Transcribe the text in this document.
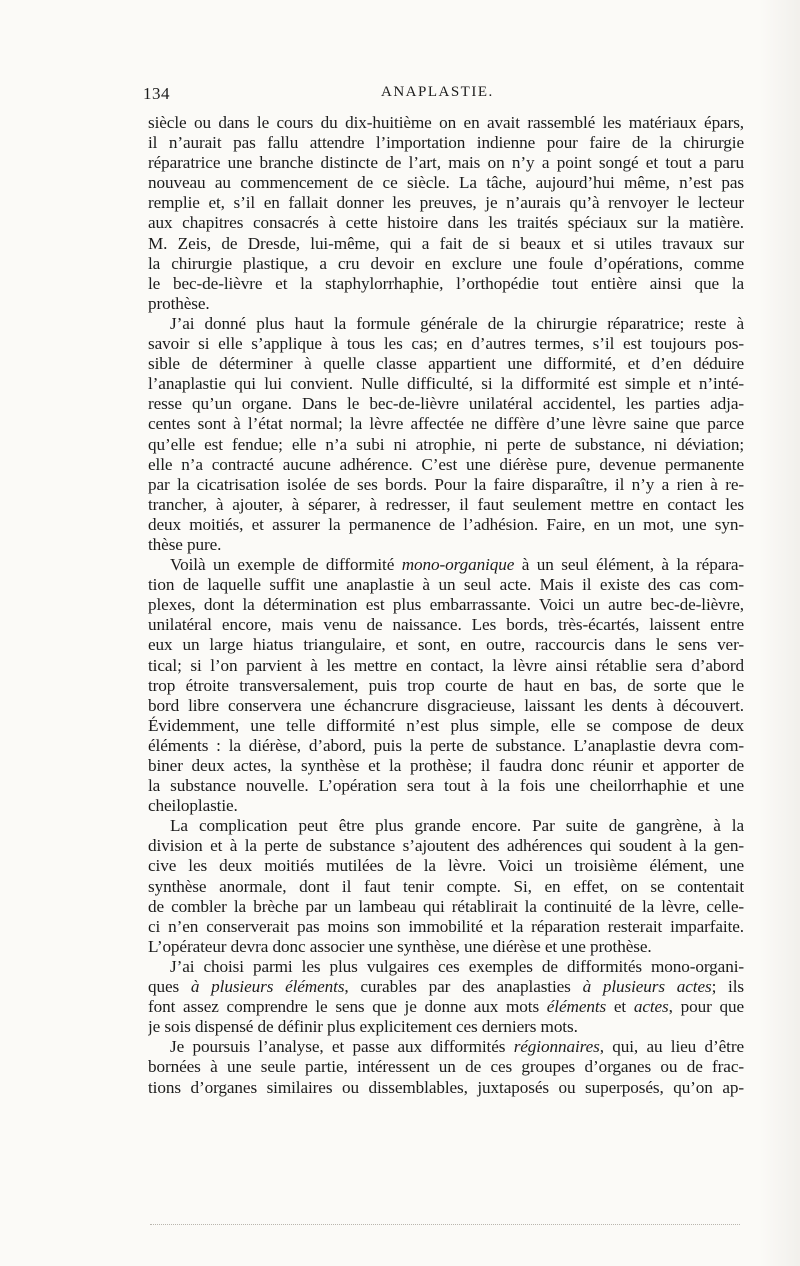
134	ANAPLASTIE.
siècle ou dans le cours du dix-huitième on en avait rassemblé les matériaux épars,
il n’aurait pas fallu attendre l’importation indienne pour faire de la chirurgie
réparatrice une branche distincte de l’art, mais on n’y a point songé et tout a paru
nouveau au commencement de ce siècle. La tâche, aujourd’hui même, n’est pas
remplie et, s’il en fallait donner les preuves, je n’aurais qu’à renvoyer le lecteur
aux chapitres consacrés à cette histoire dans les traités spéciaux sur la matière.
M. Zeis, de Dresde, lui-même, qui a fait de si beaux et si utiles travaux sur
la chirurgie plastique, a cru devoir en exclure une foule d’opérations, comme
le bec-de-lièvre et la staphylorrhaphie, l’orthopédie tout entière ainsi que la
prothèse.
J’ai donné plus haut la formule générale de la chirurgie réparatrice; reste à
savoir si elle s’applique à tous les cas; en d’autres termes, s’il est toujours pos-
sible de déterminer à quelle classe appartient une difformité, et d’en déduire
l’anaplastie qui lui convient. Nulle difficulté, si la difformité est simple et n’inté-
resse qu’un organe. Dans le bec-de-lièvre unilatéral accidentel, les parties adja-
centes sont à l’état normal; la lèvre affectée ne diffère d’une lèvre saine que parce
qu’elle est fendue; elle n’a subi ni atrophie, ni perte de substance, ni déviation;
elle n’a contracté aucune adhérence. C’est une diérèse pure, devenue permanente
par la cicatrisation isolée de ses bords. Pour la faire disparaître, il n’y a rien à re-
trancher, à ajouter, à séparer, à redresser, il faut seulement mettre en contact les
deux moitiés, et assurer la permanence de l’adhésion. Faire, en un mot, une syn-
thèse pure.
Voilà un exemple de difformité mono-organique à un seul élément, à la répara-
tion de laquelle suffit une anaplastie à un seul acte. Mais il existe des cas com-
plexes, dont la détermination est plus embarrassante. Voici un autre bec-de-lièvre,
unilatéral encore, mais venu de naissance. Les bords, très-écartés, laissent entre
eux un large hiatus triangulaire, et sont, en outre, raccourcis dans le sens ver-
tical; si l’on parvient à les mettre en contact, la lèvre ainsi rétablie sera d’abord
trop étroite transversalement, puis trop courte de haut en bas, de sorte que le
bord libre conservera une échancrure disgracieuse, laissant les dents à découvert.
Évidemment, une telle difformité n’est plus simple, elle se compose de deux
éléments : la diérèse, d’abord, puis la perte de substance. L’anaplastie devra com-
biner deux actes, la synthèse et la prothèse; il faudra donc réunir et apporter de
la substance nouvelle. L’opération sera tout à la fois une cheilorrhaphie et une
cheiloplastie.
La complication peut être plus grande encore. Par suite de gangrène, à la
division et à la perte de substance s’ajoutent des adhérences qui soudent à la gen-
cive les deux moitiés mutilées de la lèvre. Voici un troisième élément, une
synthèse anormale, dont il faut tenir compte. Si, en effet, on se contentait
de combler la brèche par un lambeau qui rétablirait la continuité de la lèvre, celle-
ci n’en conserverait pas moins son immobilité et la réparation resterait imparfaite.
L’opérateur devra donc associer une synthèse, une diérèse et une prothèse.
J’ai choisi parmi les plus vulgaires ces exemples de difformités mono-organi-
ques à plusieurs éléments, curables par des anaplasties à plusieurs actes; ils
font assez comprendre le sens que je donne aux mots éléments et actes, pour que
je sois dispensé de définir plus explicitement ces derniers mots.
Je poursuis l’analyse, et passe aux difformités régionnaires, qui, au lieu d’être
bornées à une seule partie, intéressent un de ces groupes d’organes ou de frac-
tions d’organes similaires ou dissemblables, juxtaposés ou superposés, qu’on ap-
